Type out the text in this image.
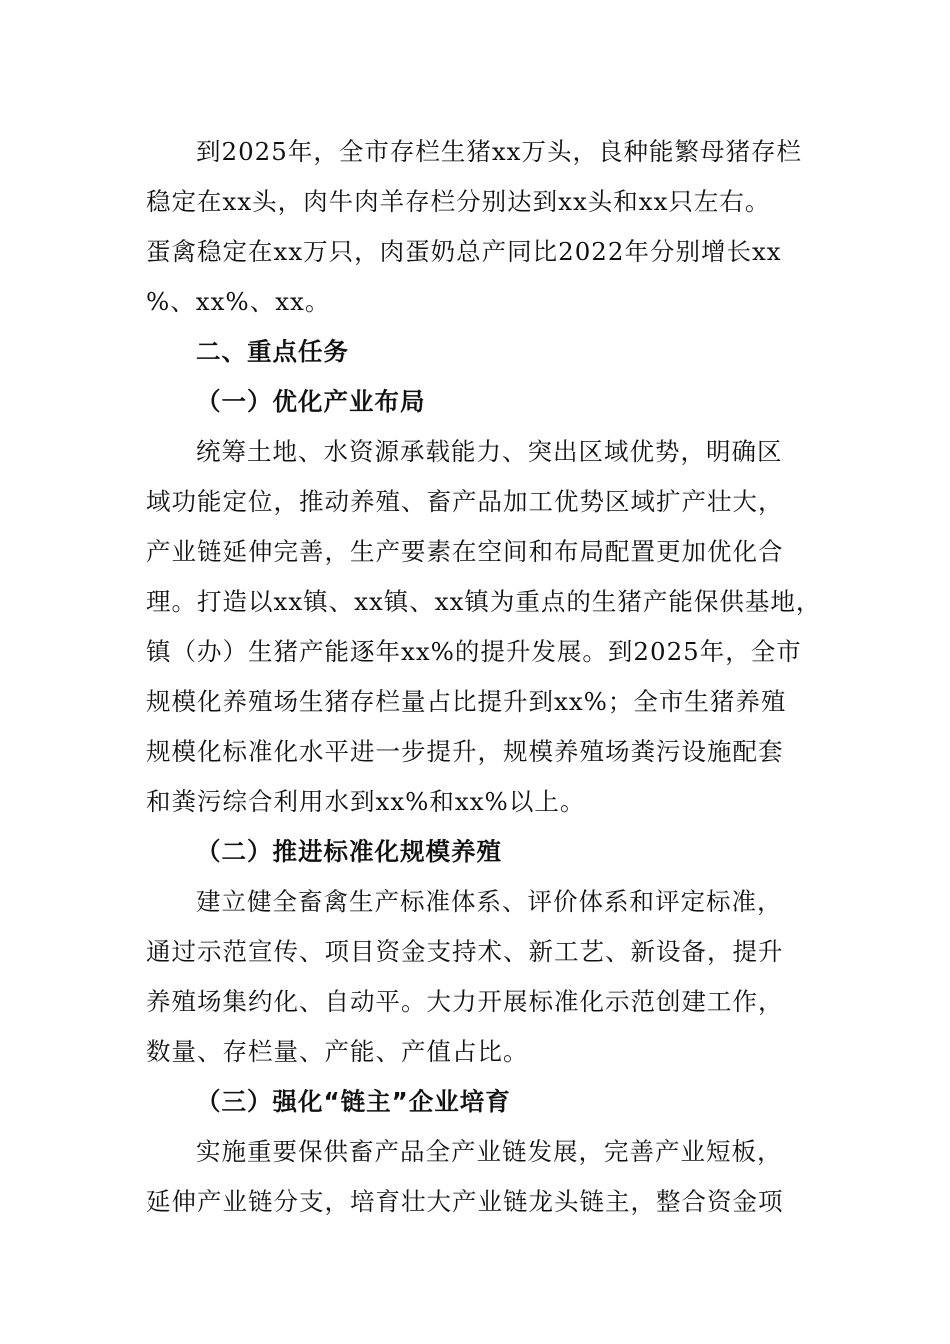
到2025年，全市存栏生猪xx万头，良种能繁母猪存栏
稳定在xx头，肉牛肉羊存栏分别达到xx头和xx只左右。
蛋禽稳定在xx万只，肉蛋奶总产同比2022年分别增长xx
%、xx%、xx。
二、重点任务
（一）优化产业布局
统筹土地、水资源承载能力、突出区域优势，明确区
域功能定位，推动养殖、畜产品加工优势区域扩产壮大，
产业链延伸完善，生产要素在空间和布局配置更加优化合
理。打造以xx镇、xx镇、xx镇为重点的生猪产能保供基地，
镇（办）生猪产能逐年xx%的提升发展。到2025年，全市
规模化养殖场生猪存栏量占比提升到xx%；全市生猪养殖
规模化标准化水平进一步提升，规模养殖场粪污设施配套
和粪污综合利用水到xx%和xx%以上。
（二）推进标准化规模养殖
建立健全畜禽生产标准体系、评价体系和评定标准，
通过示范宣传、项目资金支持术、新工艺、新设备，提升
养殖场集约化、自动平。大力开展标准化示范创建工作，
数量、存栏量、产能、产值占比。
（三）强化“链主”企业培育
实施重要保供畜产品全产业链发展，完善产业短板，
延伸产业链分支，培育壮大产业链龙头链主，整合资金项
